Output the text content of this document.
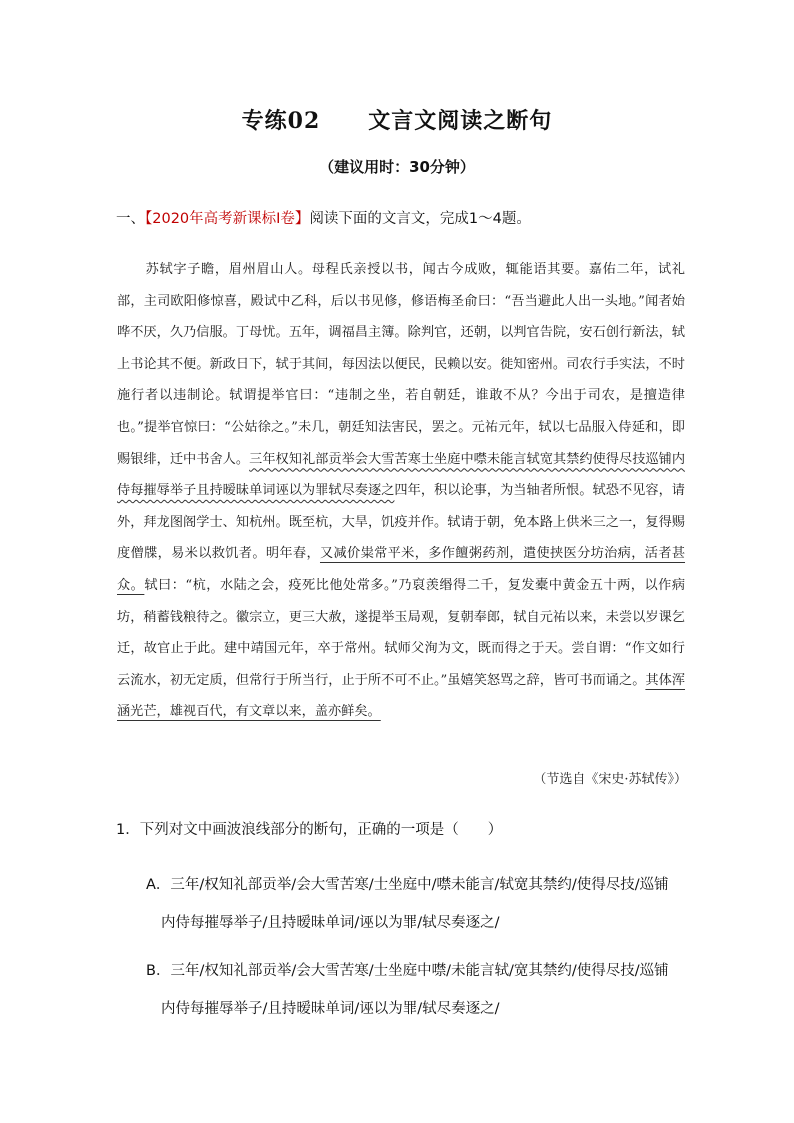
专练02 文言文阅读之断句
（建议用时：30分钟）
一、【2020年高考新课标Ⅰ卷】阅读下面的文言文，完成1～4题。
苏轼字子瞻，眉州眉山人。母程氏亲授以书，闻古今成败，辄能语其要。嘉佑二年，试礼部，主司欧阳修惊喜，殿试中乙科，后以书见修，修语梅圣俞曰：“吾当避此人出一头地。”闻者始哗不厌，久乃信服。丁母忧。五年，调福昌主簿。除判官，还朝，以判官告院，安石创行新法，轼上书论其不便。新政日下，轼于其间，每因法以便民，民赖以安。徙知密州。司农行手实法，不时施行者以违制论。轼谓提举官曰：“违制之坐，若自朝廷，谁敢不从？今出于司农，是擅造律也。”提举官惊曰：“公姑徐之。”未几，朝廷知法害民，罢之。元祐元年，轼以七品服入侍延和，即赐银绯，迁中书舍人。三年权知礼部贡举会大雪苦寒士坐庭中噤未能言轼宽其禁约使得尽技巡铺内侍每摧辱举子且持暧昧单词诬以为罪轼尽奏逐之四年，积以论事，为当轴者所恨。轼恐不见容，请外，拜龙图阁学士、知杭州。既至杭，大旱，饥疫并作。轼请于朝，免本路上供米三之一，复得赐度僧牒，易米以救饥者。明年春，又减价粜常平米，多作饘粥药剂，遣使挟医分坊治病，活者甚众。轼曰：“杭，水陆之会，疫死比他处常多。”乃裒羡缗得二千，复发橐中黄金五十两，以作病坊，稍蓄钱粮待之。徽宗立，更三大赦，遂提举玉局观，复朝奉郎，轼自元祐以来，未尝以岁课乞迁，故官止于此。建中靖国元年，卒于常州。轼师父洵为文，既而得之于天。尝自谓：“作文如行云流水，初无定质，但常行于所当行，止于所不可不止。”虽嬉笑怒骂之辞，皆可书而诵之。其体浑涵光芒，雄视百代，有文章以来，盖亦鲜矣。
（节选自《宋史·苏轼传》）
1．下列对文中画波浪线部分的断句，正确的一项是（　　）
A．三年/权知礼部贡举/会大雪苦寒/士坐庭中/噤未能言/轼宽其禁约/使得尽技/巡铺
内侍每摧辱举子/且持暧昧单词/诬以为罪/轼尽奏逐之/
B．三年/权知礼部贡举/会大雪苦寒/士坐庭中噤/未能言轼/宽其禁约/使得尽技/巡铺
内侍每摧辱举子/且持暧昧单词/诬以为罪/轼尽奏逐之/
